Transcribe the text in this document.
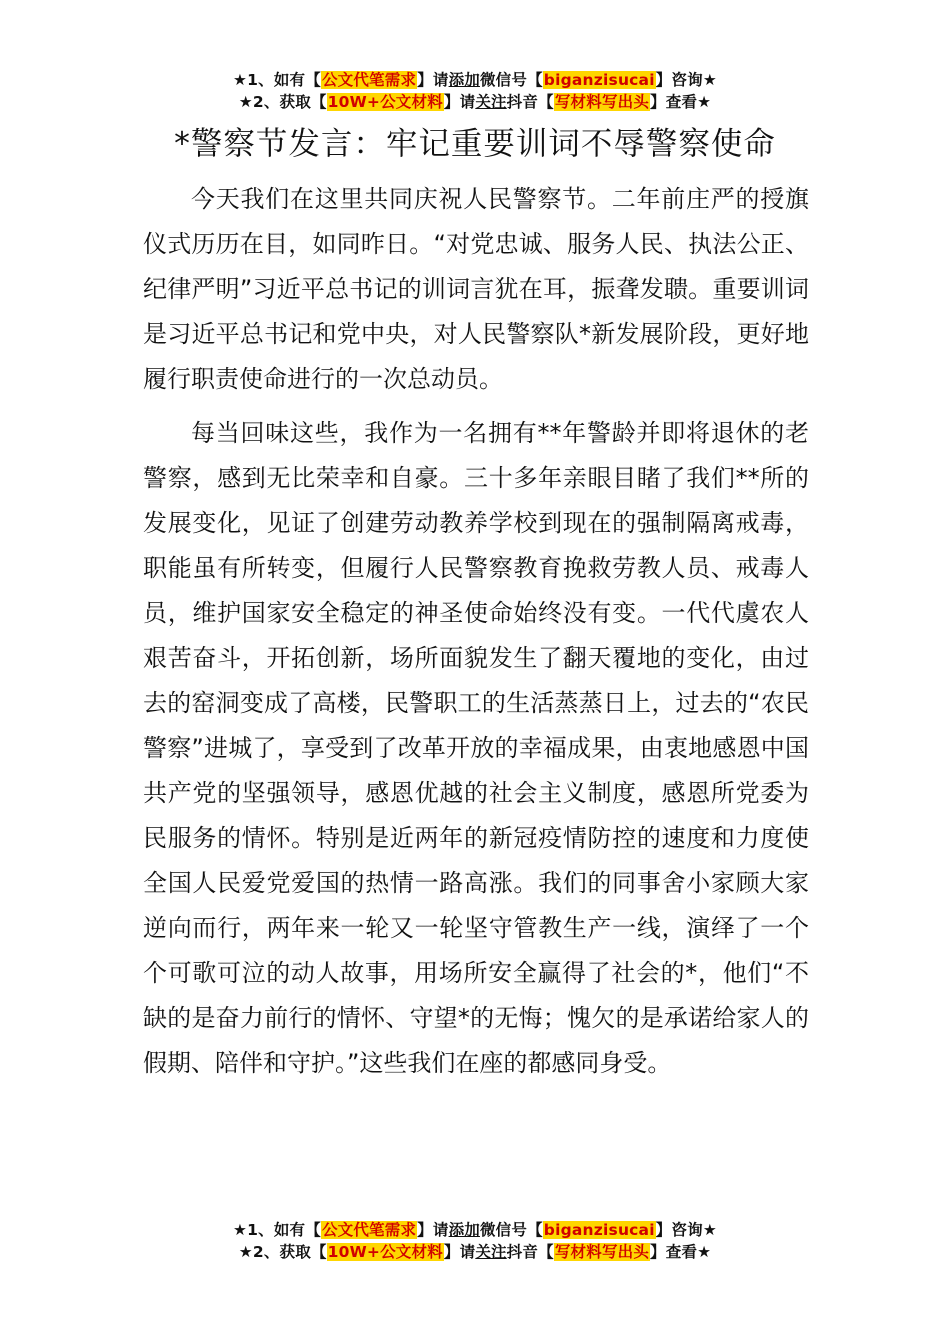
★1、如有【公文代笔需求】请添加微信号【biganzisucai】咨询★
★2、获取【10W+公文材料】请关注抖音【写材料写出头】查看★
*警察节发言：牢记重要训词不辱警察使命

今天我们在这里共同庆祝人民警察节。二年前庄严的授旗仪式历历在目，如同昨日。“对党忠诚、服务人民、执法公正、纪律严明”习近平总书记的训词言犹在耳，振聋发聩。重要训词是习近平总书记和党中央，对人民警察队*新发展阶段，更好地履行职责使命进行的一次总动员。

每当回味这些，我作为一名拥有**年警龄并即将退休的老警察，感到无比荣幸和自豪。三十多年亲眼目睹了我们**所的发展变化，见证了创建劳动教养学校到现在的强制隔离戒毒，职能虽有所转变，但履行人民警察教育挽救劳教人员、戒毒人员，维护国家安全稳定的神圣使命始终没有变。一代代虞农人艰苦奋斗，开拓创新，场所面貌发生了翻天覆地的变化，由过去的窑洞变成了高楼，民警职工的生活蒸蒸日上，过去的“农民警察”进城了，享受到了改革开放的幸福成果，由衷地感恩中国共产党的坚强领导，感恩优越的社会主义制度，感恩所党委为民服务的情怀。特别是近两年的新冠疫情防控的速度和力度使全国人民爱党爱国的热情一路高涨。我们的同事舍小家顾大家逆向而行，两年来一轮又一轮坚守管教生产一线，演绎了一个个可歌可泣的动人故事，用场所安全赢得了社会的*，他们“不缺的是奋力前行的情怀、守望*的无悔；愧欠的是承诺给家人的假期、陪伴和守护。”这些我们在座的都感同身受。

★1、如有【公文代笔需求】请添加微信号【biganzisucai】咨询★
★2、获取【10W+公文材料】请关注抖音【写材料写出头】查看★
